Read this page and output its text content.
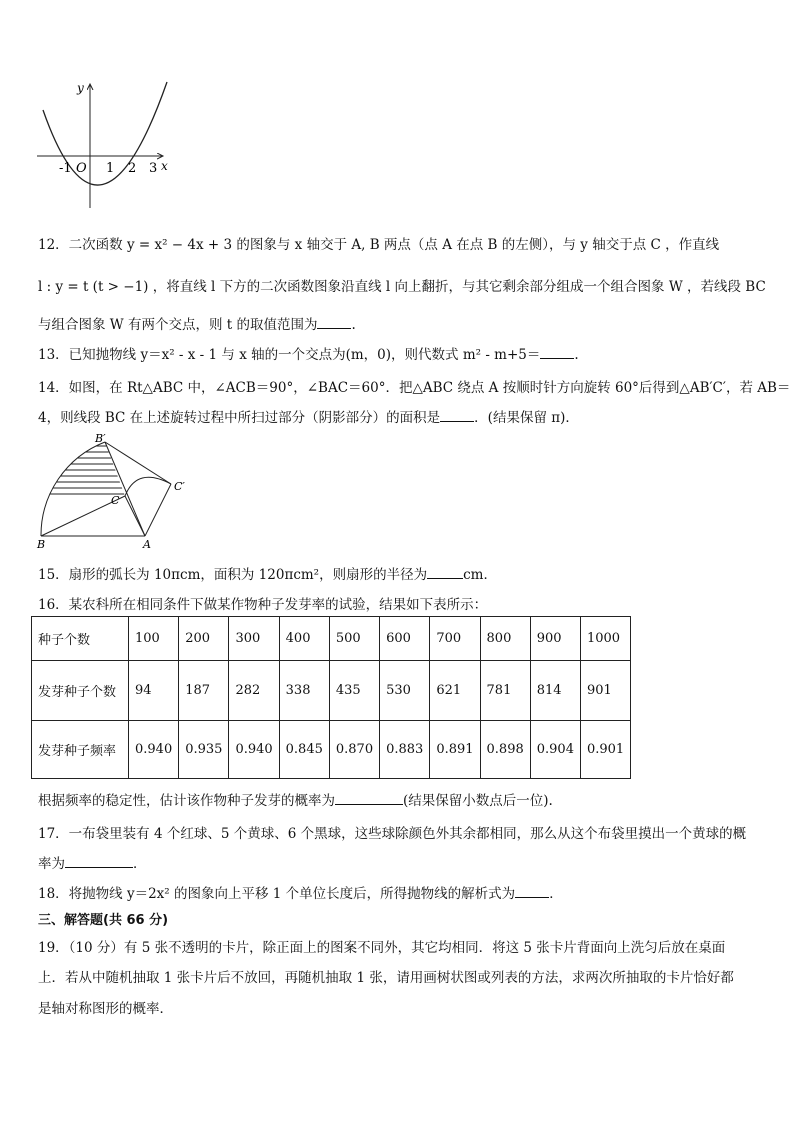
y
x
-1 O 1 2 3
12．二次函数 y = x² − 4x + 3 的图象与 x 轴交于 A, B 两点（点 A 在点 B 的左侧），与 y 轴交于点 C ，作直线
l : y = t (t > −1) ，将直线 l 下方的二次函数图象沿直线 l 向上翻折，与其它剩余部分组成一个组合图象 W ，若线段 BC
与组合图象 W 有两个交点，则 t 的取值范围为	.
13．已知抛物线 y＝x² - x - 1 与 x 轴的一个交点为(m，0)，则代数式 m² - m+5＝	.
14．如图，在 Rt△ABC 中，∠ACB＝90°，∠BAC＝60°．把△ABC 绕点 A 按顺时针方向旋转 60°后得到△AB′C′，若 AB＝
4，则线段 BC 在上述旋转过程中所扫过部分（阴影部分）的面积是	．(结果保留 π)．
B′
C′
C
B	A
15．扇形的弧长为 10πcm，面积为 120πcm²，则扇形的半径为	cm．
16．某农科所在相同条件下做某作物种子发芽率的试验，结果如下表所示：
种子个数	100	200	300	400	500	600	700	800	900	1000
发芽种子个数	94	187	282	338	435	530	621	781	814	901
发芽种子频率	0.940	0.935	0.940	0.845	0.870	0.883	0.891	0.898	0.904	0.901
根据频率的稳定性，估计该作物种子发芽的概率为	(结果保留小数点后一位).
17．一布袋里装有 4 个红球、5 个黄球、6 个黑球，这些球除颜色外其余都相同，那么从这个布袋里摸出一个黄球的概
率为	．
18．将抛物线 y＝2x² 的图象向上平移 1 个单位长度后，所得抛物线的解析式为	．
三、解答题(共 66 分)
19．（10 分）有 5 张不透明的卡片，除正面上的图案不同外，其它均相同．将这 5 张卡片背面向上洗匀后放在桌面
上．若从中随机抽取 1 张卡片后不放回，再随机抽取 1 张，请用画树状图或列表的方法，求两次所抽取的卡片恰好都
是轴对称图形的概率．
